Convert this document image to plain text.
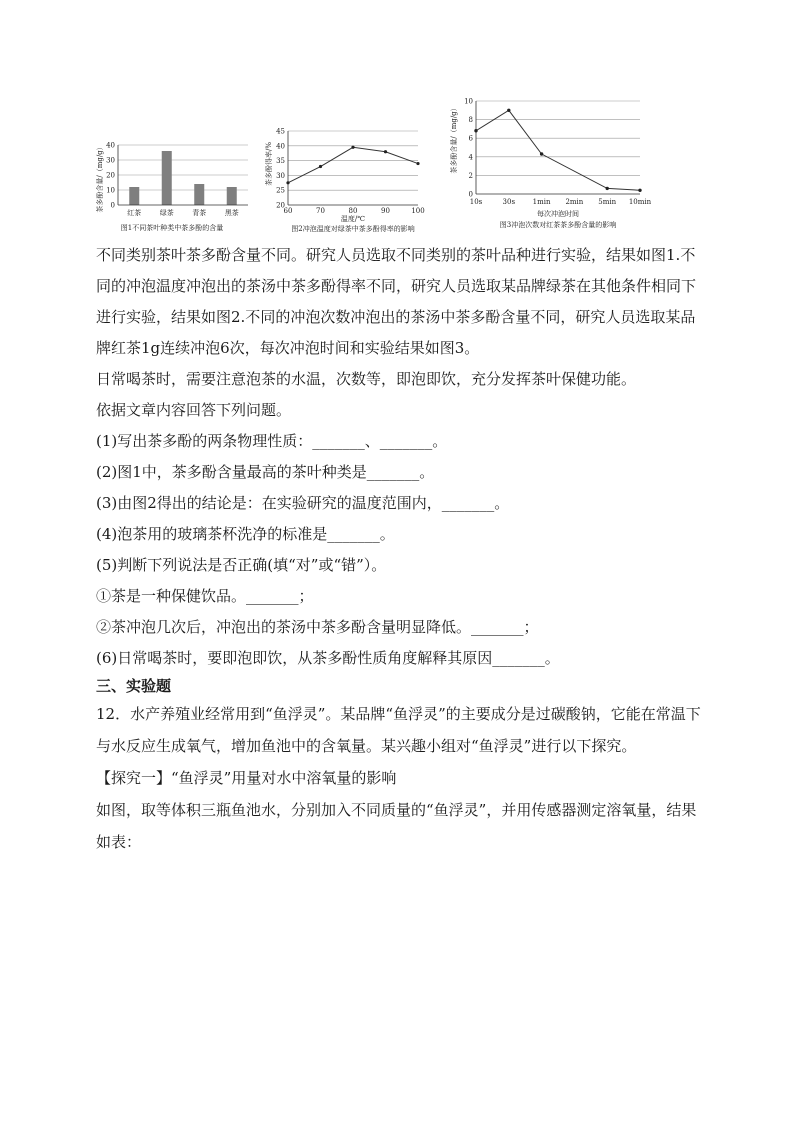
茶多酚含量/（mg/g） 0
10
20
30
40
红茶	绿茶	青茶	黑茶
图1不同茶叶种类中茶多酚的含量
茶多酚得率/%
20
25
30
35
40
45
60	70	80	90	100
温度/℃
图2冲泡温度对绿茶中茶多酚得率的影响
茶多酚含量/（mg/g）
0
2
4
6
8
10
10s	30s	1min 2min 5min 10min
每次冲泡时间
图3冲泡次数对红茶茶多酚含量的影响

不同类别茶叶茶多酚含量不同。研究人员选取不同类别的茶叶品种进行实验，结果如图1.不同的冲泡温度冲泡出的茶汤中茶多酚得率不同，研究人员选取某品牌绿茶在其他条件相同下进行实验，结果如图2.不同的冲泡次数冲泡出的茶汤中茶多酚含量不同，研究人员选取某品牌红茶1g连续冲泡6次，每次冲泡时间和实验结果如图3。

日常喝茶时，需要注意泡茶的水温，次数等，即泡即饮，充分发挥茶叶保健功能。

依据文章内容回答下列问题。

(1)写出茶多酚的两条物理性质：_______、_______。

(2)图1中，茶多酚含量最高的茶叶种类是_______。

(3)由图2得出的结论是：在实验研究的温度范围内，_______。

(4)泡茶用的玻璃茶杯洗净的标准是_______。

(5)判断下列说法是否正确(填“对”或“错”）。

①茶是一种保健饮品。_______；

②茶冲泡几次后，冲泡出的茶汤中茶多酚含量明显降低。_______；

(6)日常喝茶时，要即泡即饮，从茶多酚性质角度解释其原因_______。

三、实验题

12．水产养殖业经常用到“鱼浮灵”。某品牌“鱼浮灵”的主要成分是过碳酸钠，它能在常温下与水反应生成氧气，增加鱼池中的含氧量。某兴趣小组对“鱼浮灵”进行以下探究。

【探究一】“鱼浮灵”用量对水中溶氧量的影响

如图，取等体积三瓶鱼池水，分别加入不同质量的“鱼浮灵”，并用传感器测定溶氧量，结果如表：
